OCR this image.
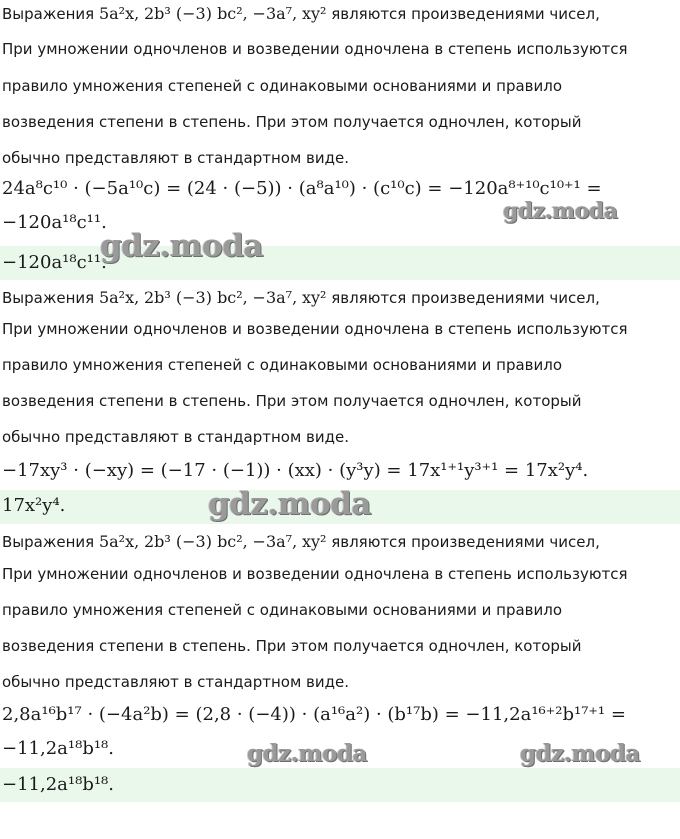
Выражения 5a²x, 2b³ (−3) bc², −3a⁷, xy² являются произведениями чисел,
При умножении одночленов и возведении одночлена в степень используются
правило умножения степеней с одинаковыми основаниями и правило
возведения степени в степень. При этом получается одночлен, который
обычно представляют в стандартном виде.
24a⁸c¹⁰ · (−5a¹⁰c) = (24 · (−5)) · (a⁸a¹⁰) · (c¹⁰c) = −120a⁸⁺¹⁰c¹⁰⁺¹ =
−120a¹⁸c¹¹.
−120a¹⁸c¹¹.
Выражения 5a²x, 2b³ (−3) bc², −3a⁷, xy² являются произведениями чисел,
При умножении одночленов и возведении одночлена в степень используются
правило умножения степеней с одинаковыми основаниями и правило
возведения степени в степень. При этом получается одночлен, который
обычно представляют в стандартном виде.
−17xy³ · (−xy) = (−17 · (−1)) · (xx) · (y³y) = 17x¹⁺¹y³⁺¹ = 17x²y⁴.
17x²y⁴.
Выражения 5a²x, 2b³ (−3) bc², −3a⁷, xy² являются произведениями чисел,
При умножении одночленов и возведении одночлена в степень используются
правило умножения степеней с одинаковыми основаниями и правило
возведения степени в степень. При этом получается одночлен, который
обычно представляют в стандартном виде.
2,8a¹⁶b¹⁷ · (−4a²b) = (2,8 · (−4)) · (a¹⁶a²) · (b¹⁷b) = −11,2a¹⁶⁺²b¹⁷⁺¹ =
−11,2a¹⁸b¹⁸.
−11,2a¹⁸b¹⁸.
gdz.moda
gdz.moda
gdz.moda
gdz.moda	gdz.moda
